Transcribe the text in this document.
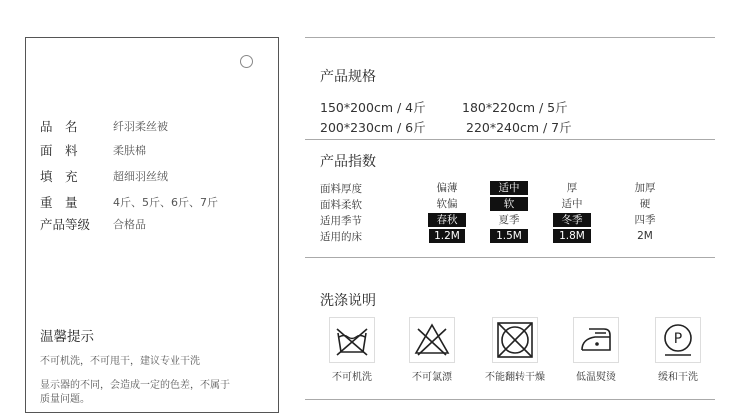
品　名	纤羽柔丝被
面　料	柔肤棉
填　充	超细羽丝绒
重　量	4斤、5斤、6斤、7斤
产品等级 合格品
温馨提示
不可机洗，不可甩干，建议专业干洗
显示器的不同，会造成一定的色差，不属于
质量问题。
产品规格
150*200cm / 4斤	180*220cm / 5斤
200*230cm / 6斤	220*240cm / 7斤
产品指数
面料厚度	偏薄	适中	厚	加厚
面料柔软	软偏	软	适中	硬
适用季节	春秋	夏季	冬季	四季
适用的床	1.2M	1.5M	1.8M	2M
洗涤说明
P
不可机洗	不可氯漂	不能翻转干燥	低温熨烫	缓和干洗
